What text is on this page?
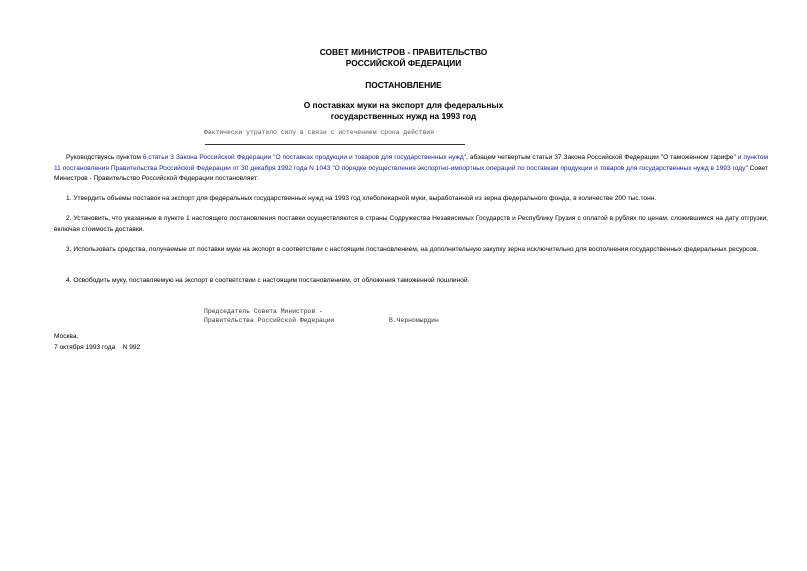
СОВЕТ МИНИСТРОВ - ПРАВИТЕЛЬСТВО
РОССИЙСКОЙ ФЕДЕРАЦИИ
ПОСТАНОВЛЕНИЕ
О поставках муки на экспорт для федеральных
государственных нужд на 1993 год
Фактически утратило силу в связи с истечением срока действия
Руководствуясь пунктом 6 статьи 3 Закона Российской Федерации "О поставках продукции и товаров для государственных нужд", абзацем четвертым статьи 37 Закона Российской Федерации "О таможенном тарифе" и пунктом 11 постановления Правительства Российской Федерации от 30 декабря 1992 года N 1043 "О порядке осуществления экспортно-импортных операций по поставкам продукции и товаров для государственных нужд в 1993 году" Совет Министров - Правительство Российской Федерации постановляет:
1. Утвердить объемы поставок на экспорт для федеральных государственных нужд на 1993 год хлебопекарной муки, выработанной из зерна федерального фонда, в количестве 200 тыс.тонн.
2. Установить, что указанные в пункте 1 настоящего постановления поставки осуществляются в страны Содружества Независимых Государств и Республику Грузия с оплатой в рублях по ценам, сложившимся на дату отгрузки, включая стоимость доставки.
3. Использовать средства, получаемые от поставки муки на экспорт в соответствии с настоящим постановлением, на дополнительную закупку зерна исключительно для восполнения государственных федеральных ресурсов.
4. Освободить муку, поставляемую на экспорт в соответствии с настоящим постановлением, от обложения таможенной пошлиной.
Председатель Совета Министров -
Правительства Российской Федерации	В.Черномырдин
Москва,
7 октября 1993 года    N 992
